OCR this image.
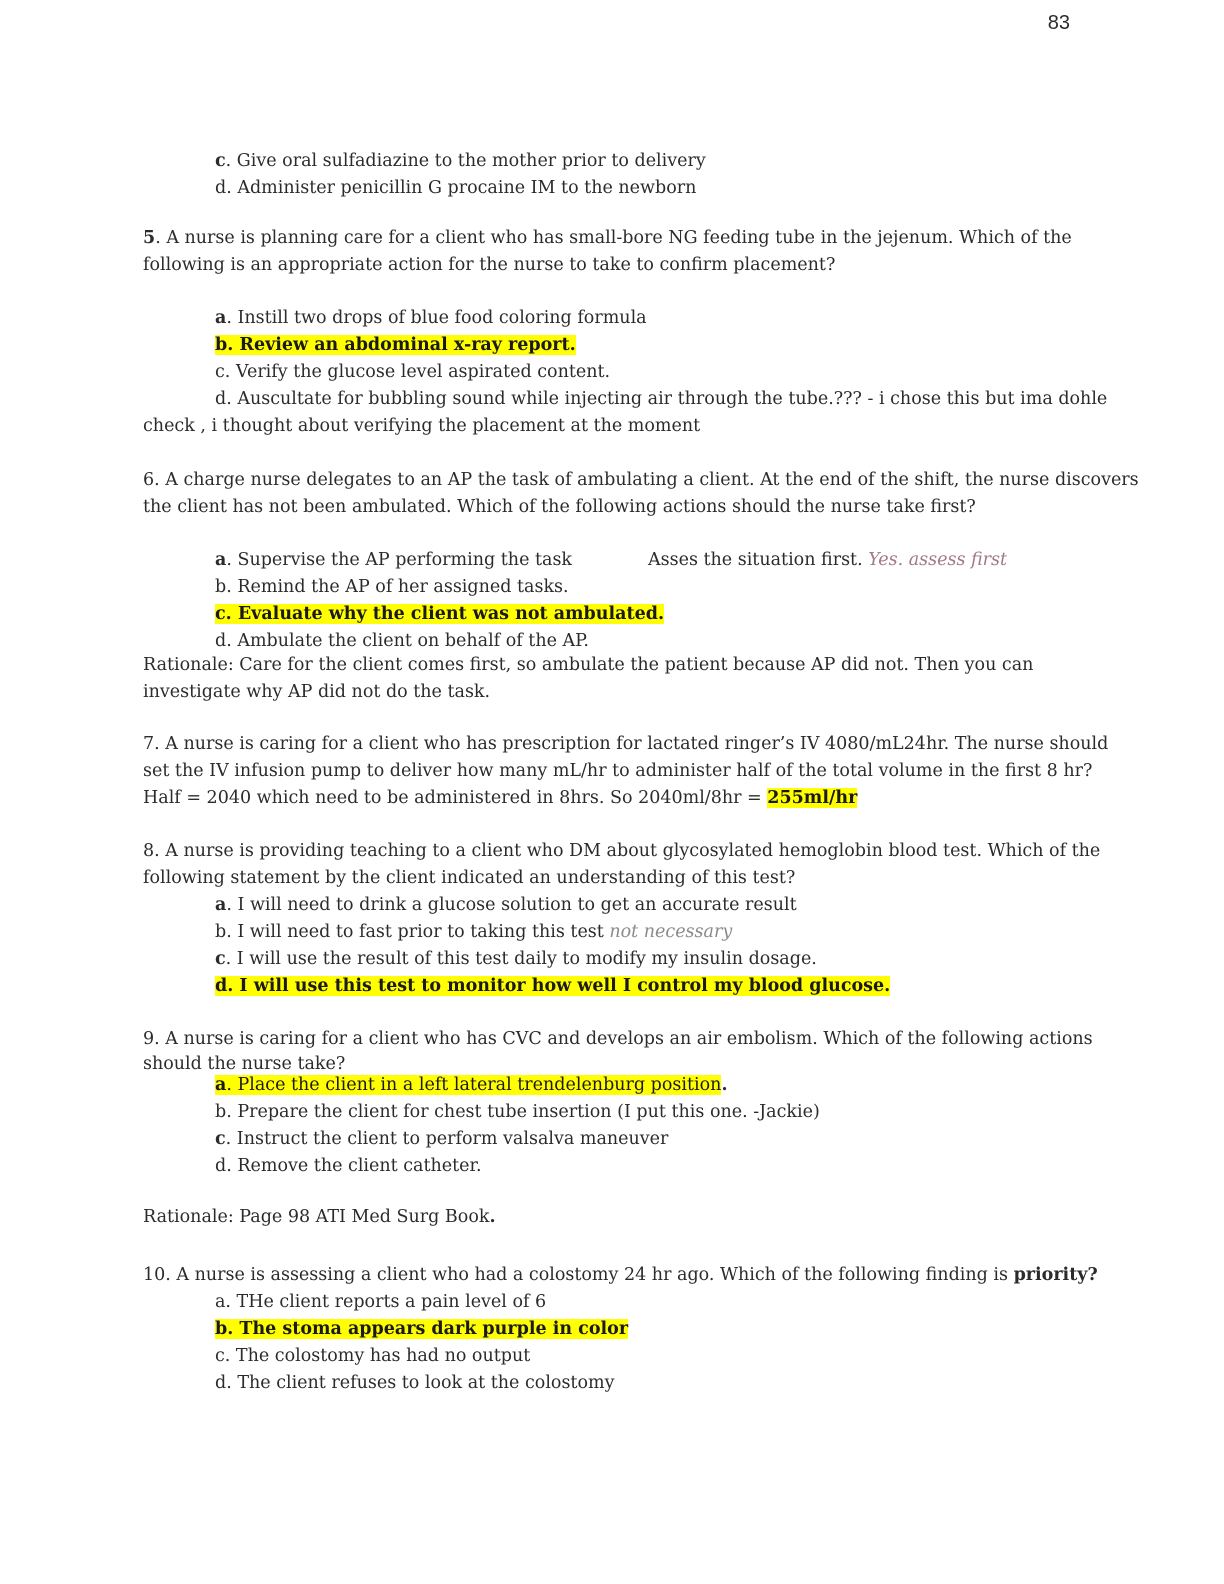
83
c. Give oral sulfadiazine to the mother prior to delivery
d. Administer penicillin G procaine IM to the newborn
5. A nurse is planning care for a client who has small-bore NG feeding tube in the jejenum. Which of the
following is an appropriate action for the nurse to take to confirm placement?
a. Instill two drops of blue food coloring formula
b. Review an abdominal x-ray report.
c. Verify the glucose level aspirated content.
d. Auscultate for bubbling sound while injecting air through the tube.??? - i chose this but ima dohle
check , i thought about verifying the placement at the moment
6. A charge nurse delegates to an AP the task of ambulating a client. At the end of the shift, the nurse discovers
the client has not been ambulated. Which of the following actions should the nurse take first?
a. Supervise the AP performing the task	Asses the situation first. Yes. assess first
b. Remind the AP of her assigned tasks.
c. Evaluate why the client was not ambulated.
d. Ambulate the client on behalf of the AP.
Rationale: Care for the client comes first, so ambulate the patient because AP did not. Then you can
investigate why AP did not do the task.
7. A nurse is caring for a client who has prescription for lactated ringer’s IV 4080/mL24hr. The nurse should
set the IV infusion pump to deliver how many mL/hr to administer half of the total volume in the first 8 hr?
Half = 2040 which need to be administered in 8hrs. So 2040ml/8hr = 255ml/hr
8. A nurse is providing teaching to a client who DM about glycosylated hemoglobin blood test. Which of the
following statement by the client indicated an understanding of this test?
a. I will need to drink a glucose solution to get an accurate result
b. I will need to fast prior to taking this test not necessary
c. I will use the result of this test daily to modify my insulin dosage.
d. I will use this test to monitor how well I control my blood glucose.
9. A nurse is caring for a client who has CVC and develops an air embolism. Which of the following actions
should the nurse take?
a. Place the client in a left lateral trendelenburg position.
b. Prepare the client for chest tube insertion (I put this one. -Jackie)
c. Instruct the client to perform valsalva maneuver
d. Remove the client catheter.
Rationale: Page 98 ATI Med Surg Book.
10. A nurse is assessing a client who had a colostomy 24 hr ago. Which of the following finding is priority?
a. THe client reports a pain level of 6
b. The stoma appears dark purple in color
c. The colostomy has had no output
d. The client refuses to look at the colostomy
